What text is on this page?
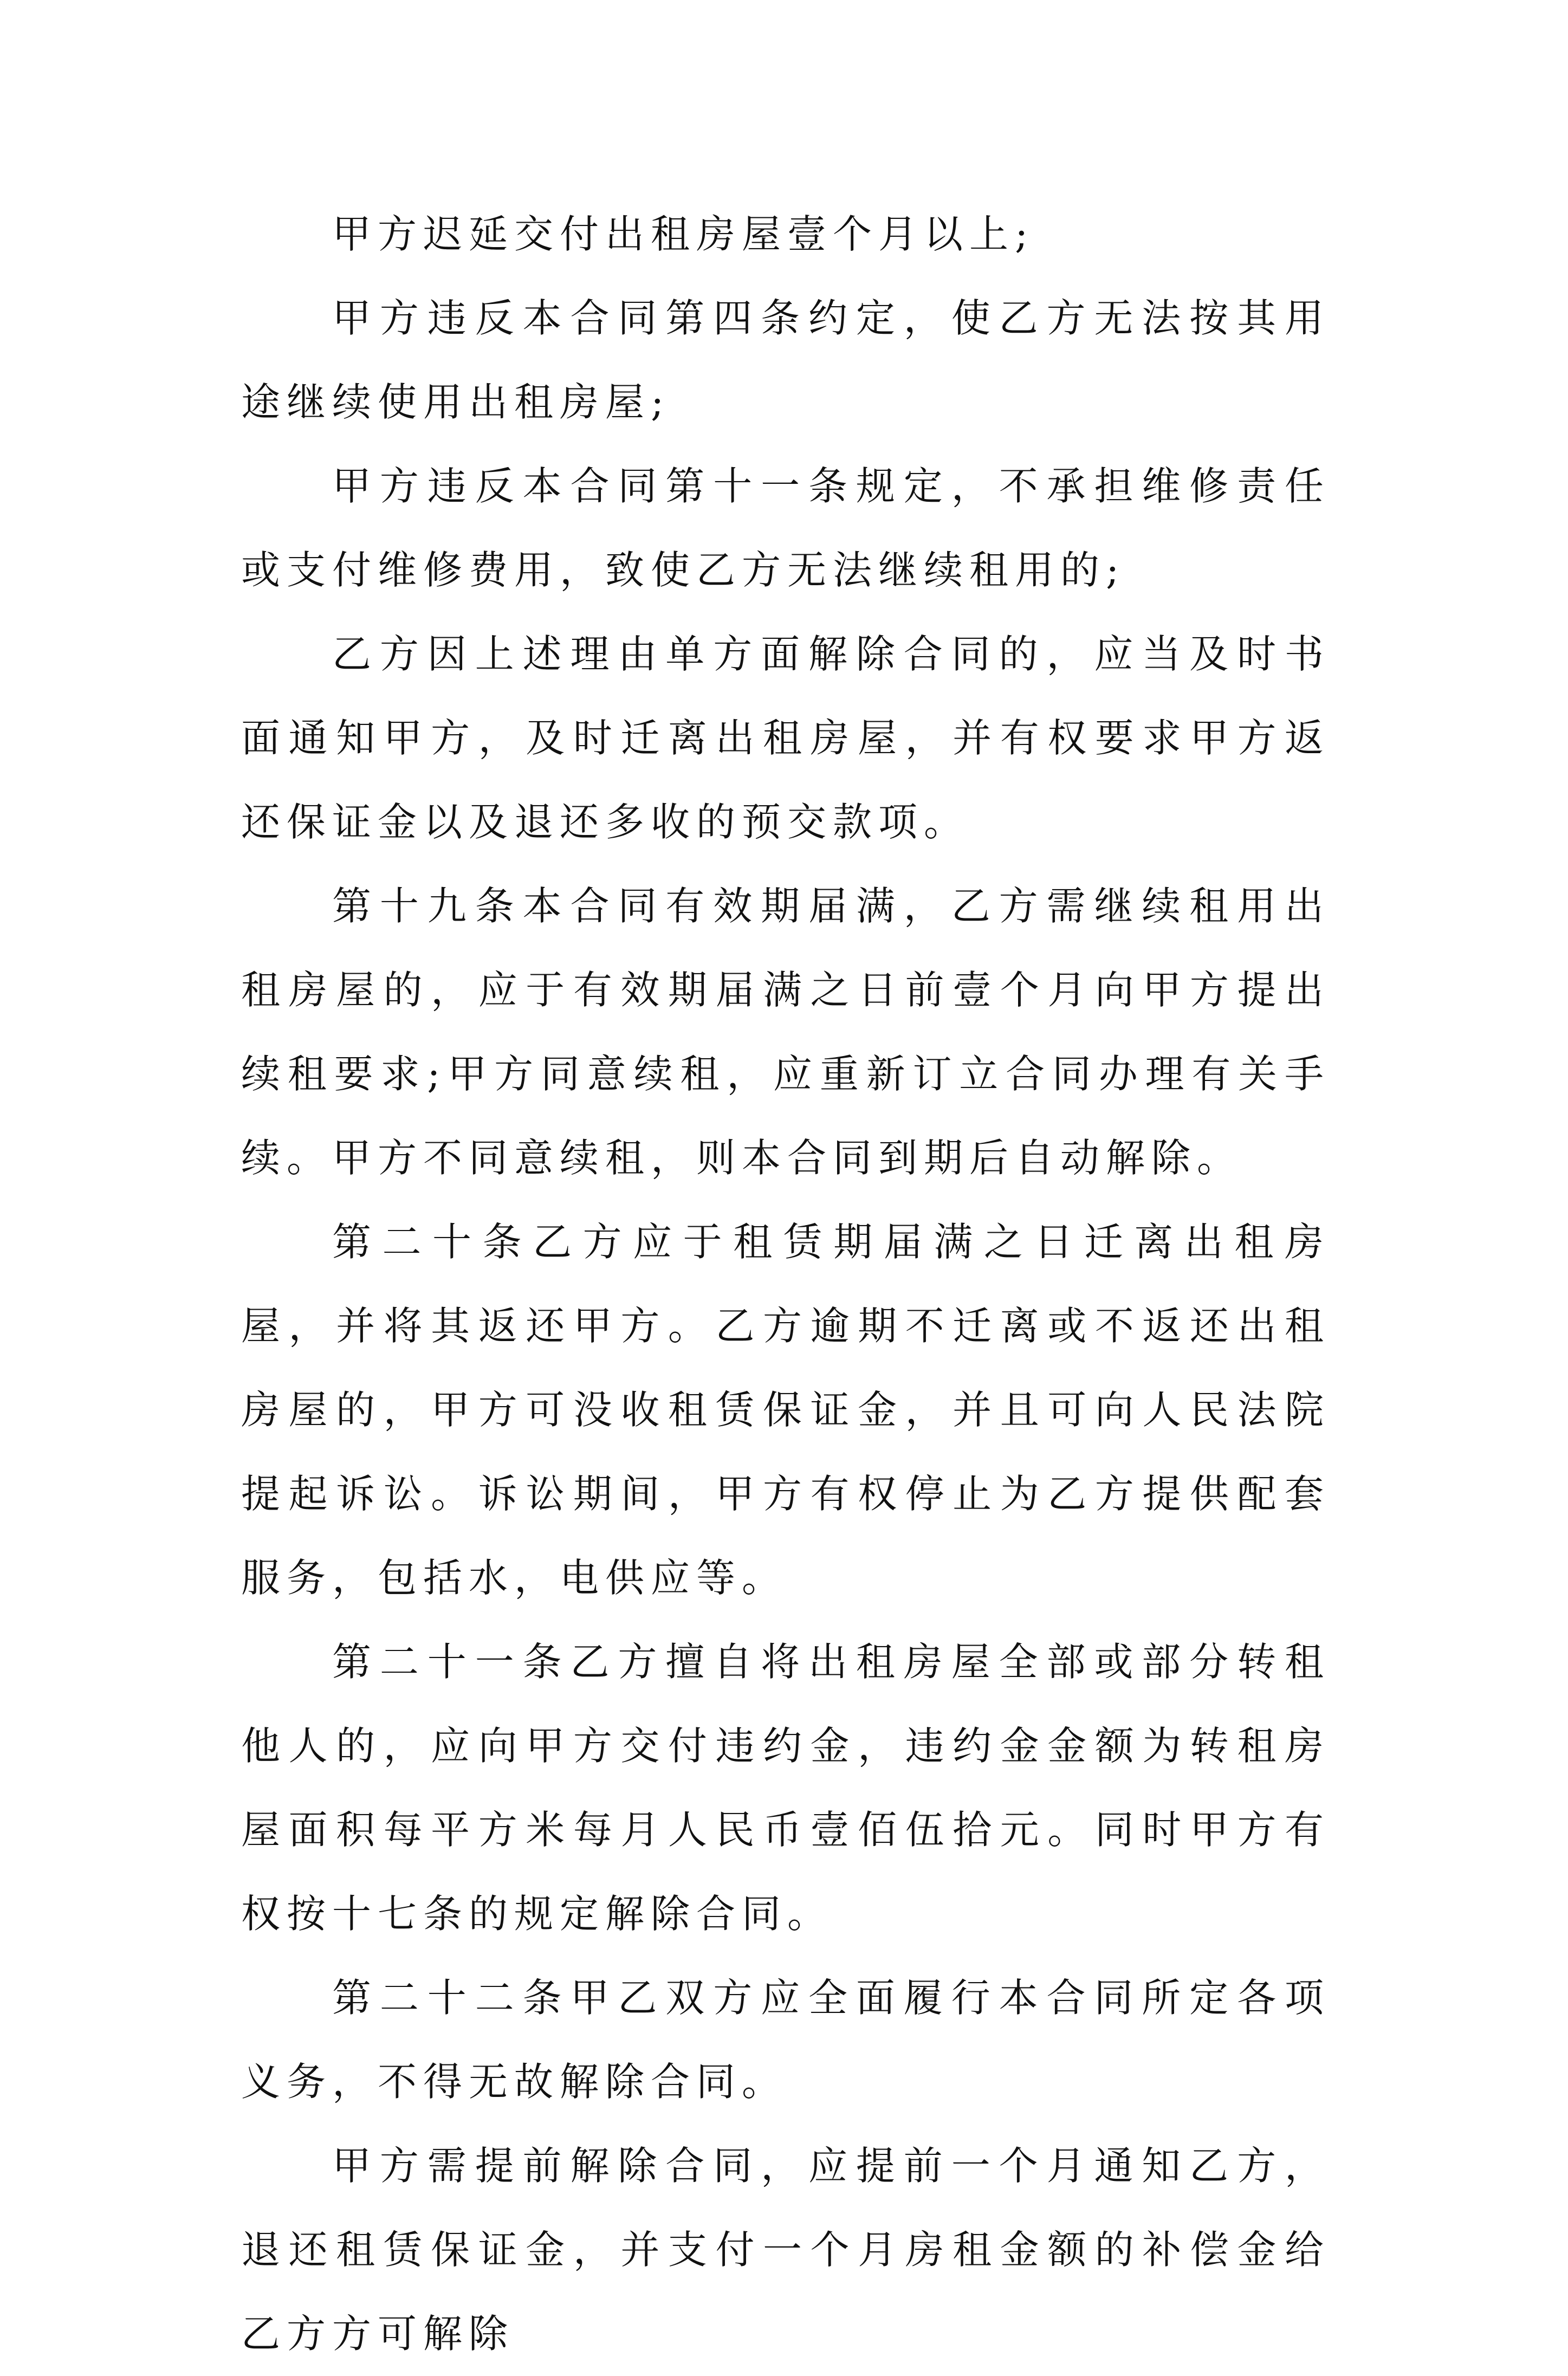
甲方迟延交付出租房屋壹个月以上;

甲方违反本合同第四条约定，使乙方无法按其用途继续使用出租房屋;

甲方违反本合同第十一条规定，不承担维修责任或支付维修费用，致使乙方无法继续租用的;

乙方因上述理由单方面解除合同的，应当及时书面通知甲方，及时迁离出租房屋，并有权要求甲方返还保证金以及退还多收的预交款项。

第十九条本合同有效期届满，乙方需继续租用出租房屋的，应于有效期届满之日前壹个月向甲方提出续租要求;甲方同意续租，应重新订立合同办理有关手续。甲方不同意续租，则本合同到期后自动解除。

第二十条乙方应于租赁期届满之日迁离出租房屋，并将其返还甲方。乙方逾期不迁离或不返还出租房屋的，甲方可没收租赁保证金，并且可向人民法院提起诉讼。诉讼期间，甲方有权停止为乙方提供配套服务，包括水，电供应等。

第二十一条乙方擅自将出租房屋全部或部分转租他人的，应向甲方交付违约金，违约金金额为转租房屋面积每平方米每月人民币壹佰伍拾元。同时甲方有权按十七条的规定解除合同。

第二十二条甲乙双方应全面履行本合同所定各项义务，不得无故解除合同。

甲方需提前解除合同，应提前一个月通知乙方，退还租赁保证金，并支付一个月房租金额的补偿金给乙方方可解除
